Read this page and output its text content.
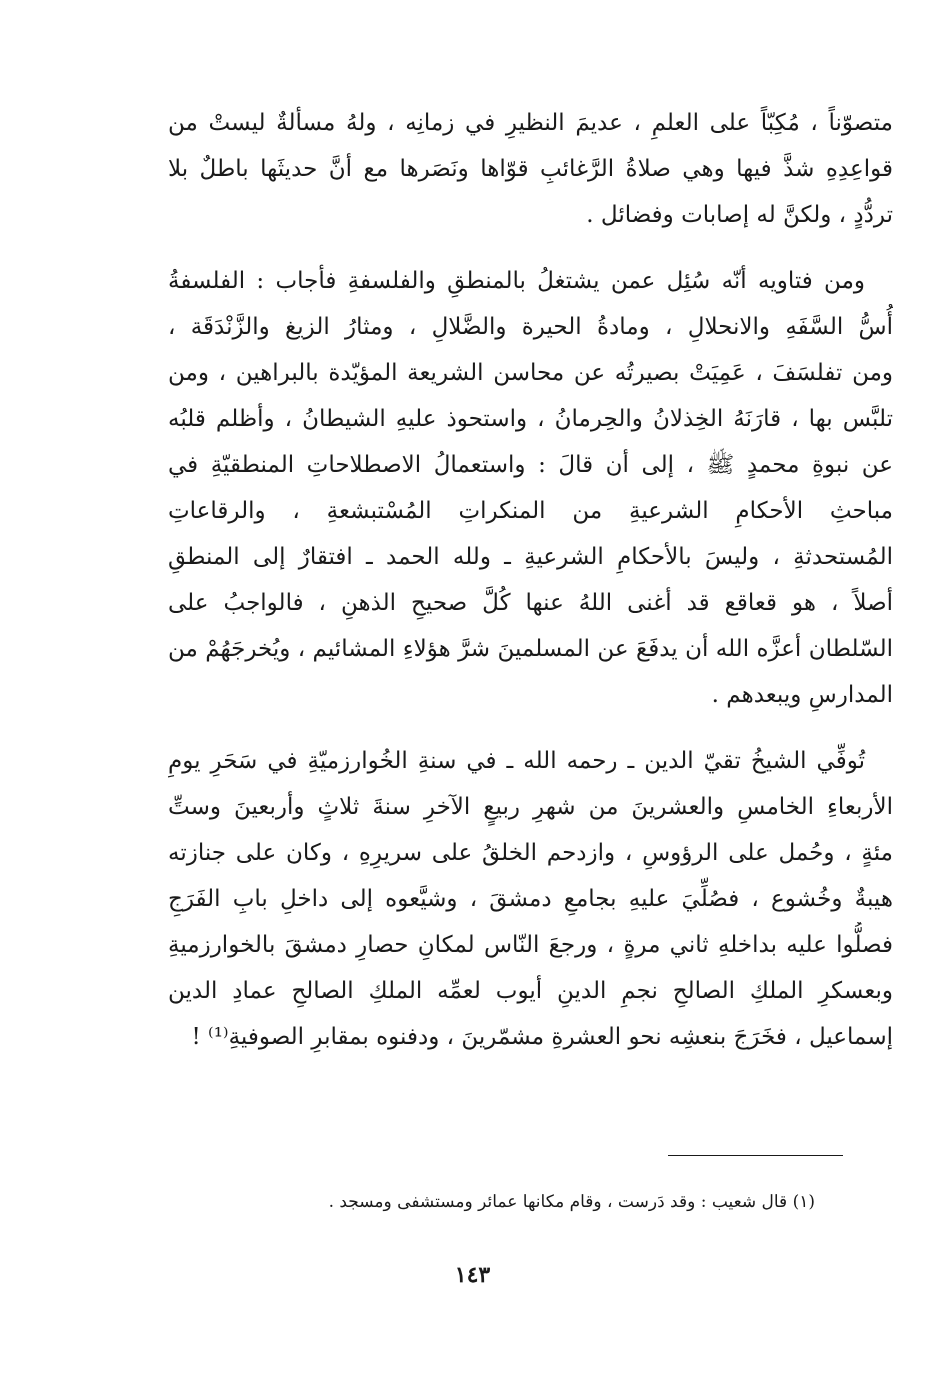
متصوّناً ، مُكِبّاً على العلمِ ، عديمَ النظيرِ في زمانِه ، ولهُ مسألةٌ ليستْ من
قواعِدِهِ شذَّ فيها وهي صلاةُ الرَّغائبِ قوّاها ونَصَرها مع أنَّ حديثَها باطلٌ بلا
تردُّدٍ ، ولكنَّ له إصابات وفضائل .
ومن فتاويه أنّه سُئِل عمن يشتغلُ بالمنطقِ والفلسفةِ فأجاب : الفلسفةُ
أُسُّ السَّفَهِ والانحلالِ ، ومادةُ الحيرة والضَّلالِ ، ومثارُ الزيغ والزَّنْدَقَة ،
ومن تفلسَفَ ، عَمِيَتْ بصيرتُه عن محاسن الشريعة المؤيّدة بالبراهين ، ومن
تلبَّس بها ، قارَنَهُ الخِذلانُ والحِرمانُ ، واستحوذ عليهِ الشيطانُ ، وأظلم قلبُه
عن نبوةِ محمدٍ ﷺ ، إلى أن قالَ : واستعمالُ الاصطلاحاتِ المنطقيّةِ في
مباحثِ الأحكامِ الشرعيةِ من المنكراتِ المُسْتبشعةِ ، والرقاعاتِ
المُستحدثةِ ، وليسَ بالأحكامِ الشرعيةِ ـ ولله الحمد ـ افتقارٌ إلى المنطقِ
أصلاً ، هو قعاقع قد أغنى اللهُ عنها كُلَّ صحيحِ الذهنِ ، فالواجبُ على
السّلطان أعزَّه الله أن يدفَعَ عن المسلمينَ شرَّ هؤلاءِ المشائيم ، ويُخرجَهُمْ من
المدارسِ ويبعدهم .
تُوفِّي الشيخُ تقيّ الدين ـ رحمه الله ـ في سنةِ الخُوارزميّةِ في سَحَرِ يومِ
الأربعاءِ الخامسِ والعشرينَ من شهرِ ربيعٍ الآخرِ سنةَ ثلاثٍ وأربعينَ وستِّ
مئةٍ ، وحُمل على الرؤوسِ ، وازدحم الخلقُ على سريرِهِ ، وكان على جنازته
هيبةٌ وخُشوع ، فصُلِّيَ عليهِ بجامعِ دمشقَ ، وشيَّعوه إلى داخلِ بابِ الفَرَجِ
فصلُّوا عليه بداخلهِ ثاني مرةٍ ، ورجعَ النّاس لمكانِ حصارِ دمشقَ بالخوارزميةِ
وبعسكرِ الملكِ الصالحِ نجمِ الدينِ أيوب لعمِّه الملكِ الصالحِ عمادِ الدين
إسماعيل ، فخَرَجَ بنعشِه نحو العشرةِ مشمّرينَ ، ودفنوه بمقابرِ الصوفيةِ⁽¹⁾ !
(١) قال شعيب : وقد دَرست ، وقام مكانها عمائر ومستشفى ومسجد .
١٤٣
